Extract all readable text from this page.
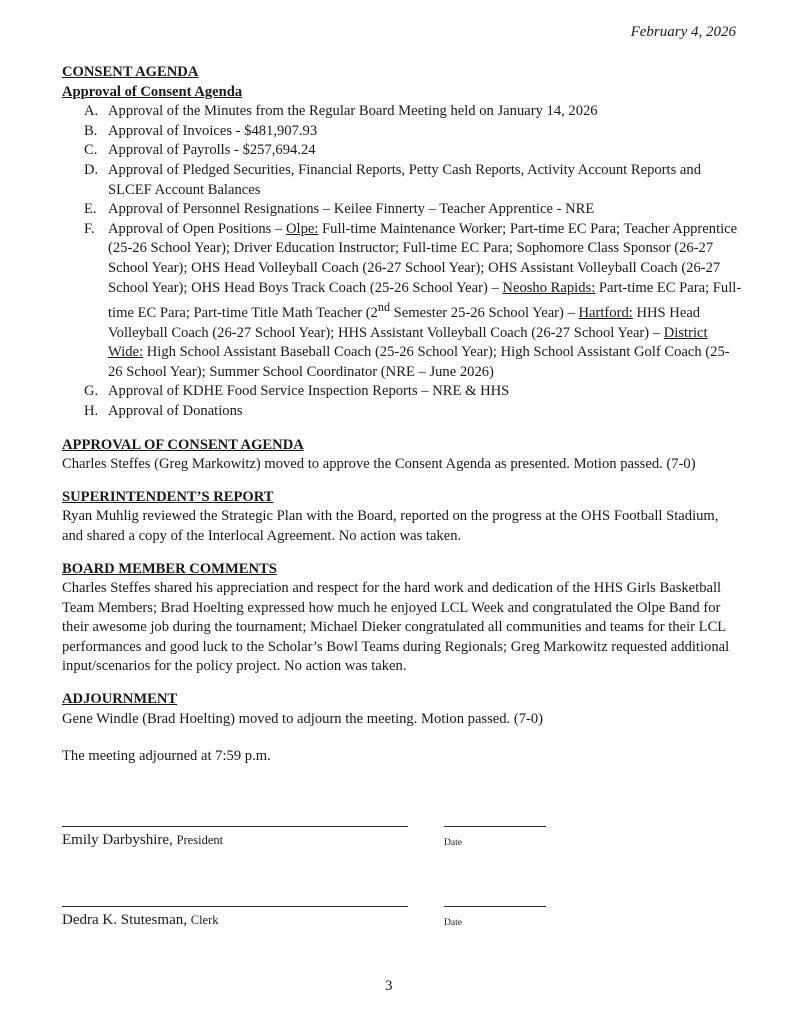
February 4, 2026

CONSENT AGENDA

Approval of Consent Agenda

A. Approval of the Minutes from the Regular Board Meeting held on January 14, 2026
B. Approval of Invoices - $481,907.93
C. Approval of Payrolls - $257,694.24
D. Approval of Pledged Securities, Financial Reports, Petty Cash Reports, Activity Account Reports and SLCEF Account Balances
E. Approval of Personnel Resignations – Keilee Finnerty – Teacher Apprentice - NRE
F. Approval of Open Positions – Olpe: Full-time Maintenance Worker; Part-time EC Para; Teacher Apprentice (25-26 School Year); Driver Education Instructor; Full-time EC Para; Sophomore Class Sponsor (26-27 School Year); OHS Head Volleyball Coach (26-27 School Year); OHS Assistant Volleyball Coach (26-27 School Year); OHS Head Boys Track Coach (25-26 School Year) – Neosho Rapids: Part-time EC Para; Full-time EC Para; Part-time Title Math Teacher (2nd Semester 25-26 School Year) – Hartford: HHS Head Volleyball Coach (26-27 School Year); HHS Assistant Volleyball Coach (26-27 School Year) – District Wide: High School Assistant Baseball Coach (25-26 School Year); High School Assistant Golf Coach (25-26 School Year); Summer School Coordinator (NRE – June 2026)
G. Approval of KDHE Food Service Inspection Reports – NRE & HHS
H. Approval of Donations

APPROVAL OF CONSENT AGENDA

Charles Steffes (Greg Markowitz) moved to approve the Consent Agenda as presented. Motion passed. (7-0)

SUPERINTENDENT’S REPORT

Ryan Muhlig reviewed the Strategic Plan with the Board, reported on the progress at the OHS Football Stadium, and shared a copy of the Interlocal Agreement. No action was taken.

BOARD MEMBER COMMENTS

Charles Steffes shared his appreciation and respect for the hard work and dedication of the HHS Girls Basketball Team Members; Brad Hoelting expressed how much he enjoyed LCL Week and congratulated the Olpe Band for their awesome job during the tournament; Michael Dieker congratulated all communities and teams for their LCL performances and good luck to the Scholar’s Bowl Teams during Regionals; Greg Markowitz requested additional input/scenarios for the policy project. No action was taken.

ADJOURNMENT

Gene Windle (Brad Hoelting) moved to adjourn the meeting. Motion passed. (7-0)

The meeting adjourned at 7:59 p.m.

Emily Darbyshire, President	Date
Dedra K. Stutesman, Clerk	Date
3
